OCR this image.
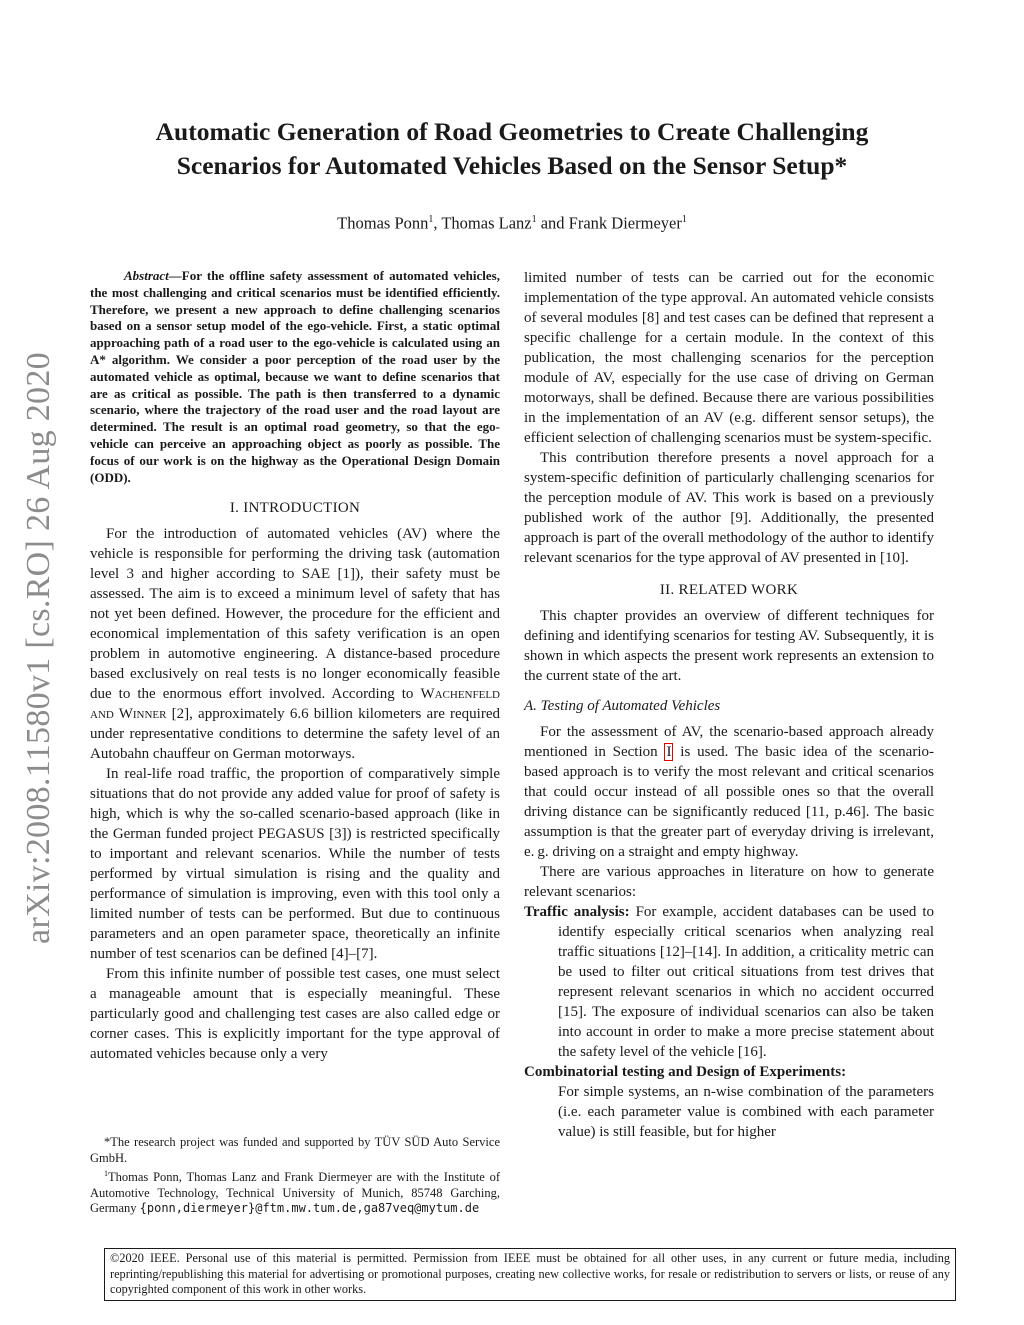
arXiv:2008.11580v1 [cs.RO] 26 Aug 2020
Automatic Generation of Road Geometries to Create Challenging
Scenarios for Automated Vehicles Based on the Sensor Setup*
Thomas Ponn$^1$, Thomas Lanz$^1$ and Frank Diermeyer$^1$

Abstract—For the offline safety assessment of automated vehicles, the most challenging and critical scenarios must be identified efficiently. Therefore, we present a new approach to define challenging scenarios based on a sensor setup model of the ego-vehicle. First, a static optimal approaching path of a road user to the ego-vehicle is calculated using an A* algorithm. We consider a poor perception of the road user by the automated vehicle as optimal, because we want to define scenarios that are as critical as possible. The path is then transferred to a dynamic scenario, where the trajectory of the road user and the road layout are determined. The result is an optimal road geometry, so that the ego-vehicle can perceive an approaching object as poorly as possible. The focus of our work is on the highway as the Operational Design Domain (ODD).

I. INTRODUCTION

For the introduction of automated vehicles (AV) where the vehicle is responsible for performing the driving task (automation level 3 and higher according to SAE [1]), their safety must be assessed. The aim is to exceed a minimum level of safety that has not yet been defined. However, the procedure for the efficient and economical implementation of this safety verification is an open problem in automotive engineering. A distance-based procedure based exclusively on real tests is no longer economically feasible due to the enormous effort involved. According to Wachenfeld and Winner [2], approximately 6.6 billion kilometers are required under representative conditions to determine the safety level of an Autobahn chauffeur on German motorways.

In real-life road traffic, the proportion of comparatively simple situations that do not provide any added value for proof of safety is high, which is why the so-called scenario-based approach (like in the German funded project PEGASUS [3]) is restricted specifically to important and relevant scenarios. While the number of tests performed by virtual simulation is rising and the quality and performance of simulation is improving, even with this tool only a limited number of tests can be performed. But due to continuous parameters and an open parameter space, theoretically an infinite number of test scenarios can be defined [4]–[7].

From this infinite number of possible test cases, one must select a manageable amount that is especially meaningful. These particularly good and challenging test cases are also called edge or corner cases. This is explicitly important for the type approval of automated vehicles because only a very

*The research project was funded and supported by TÜV SÜD Auto Service GmbH.

$^1$Thomas Ponn, Thomas Lanz and Frank Diermeyer are with the Institute of Automotive Technology, Technical University of Munich, 85748 Garching, Germany {ponn,diermeyer}@ftm.mw.tum.de,ga87veq@mytum.de

limited number of tests can be carried out for the economic implementation of the type approval. An automated vehicle consists of several modules [8] and test cases can be defined that represent a specific challenge for a certain module. In the context of this publication, the most challenging scenarios for the perception module of AV, especially for the use case of driving on German motorways, shall be defined. Because there are various possibilities in the implementation of an AV (e.g. different sensor setups), the efficient selection of challenging scenarios must be system-specific.

This contribution therefore presents a novel approach for a system-specific definition of particularly challenging scenarios for the perception module of AV. This work is based on a previously published work of the author [9]. Additionally, the presented approach is part of the overall methodology of the author to identify relevant scenarios for the type approval of AV presented in [10].

II. RELATED WORK

This chapter provides an overview of different techniques for defining and identifying scenarios for testing AV. Subsequently, it is shown in which aspects the present work represents an extension to the current state of the art.

A. Testing of Automated Vehicles

For the assessment of AV, the scenario-based approach already mentioned in Section I is used. The basic idea of the scenario-based approach is to verify the most relevant and critical scenarios that could occur instead of all possible ones so that the overall driving distance can be significantly reduced [11, p.46]. The basic assumption is that the greater part of everyday driving is irrelevant, e. g. driving on a straight and empty highway.

There are various approaches in literature on how to generate relevant scenarios:

Traffic analysis: For example, accident databases can be used to identify especially critical scenarios when analyzing real traffic situations [12]–[14]. In addition, a criticality metric can be used to filter out critical situations from test drives that represent relevant scenarios in which no accident occurred [15]. The exposure of individual scenarios can also be taken into account in order to make a more precise statement about the safety level of the vehicle [16].

Combinatorial testing and Design of Experiments:

For simple systems, an n-wise combination of the parameters (i.e. each parameter value is combined with each parameter value) is still feasible, but for higher

©2020 IEEE. Personal use of this material is permitted. Permission from IEEE must be obtained for all other uses, in any current or future media, including reprinting/republishing this material for advertising or promotional purposes, creating new collective works, for resale or redistribution to servers or lists, or reuse of any copyrighted component of this work in other works.
